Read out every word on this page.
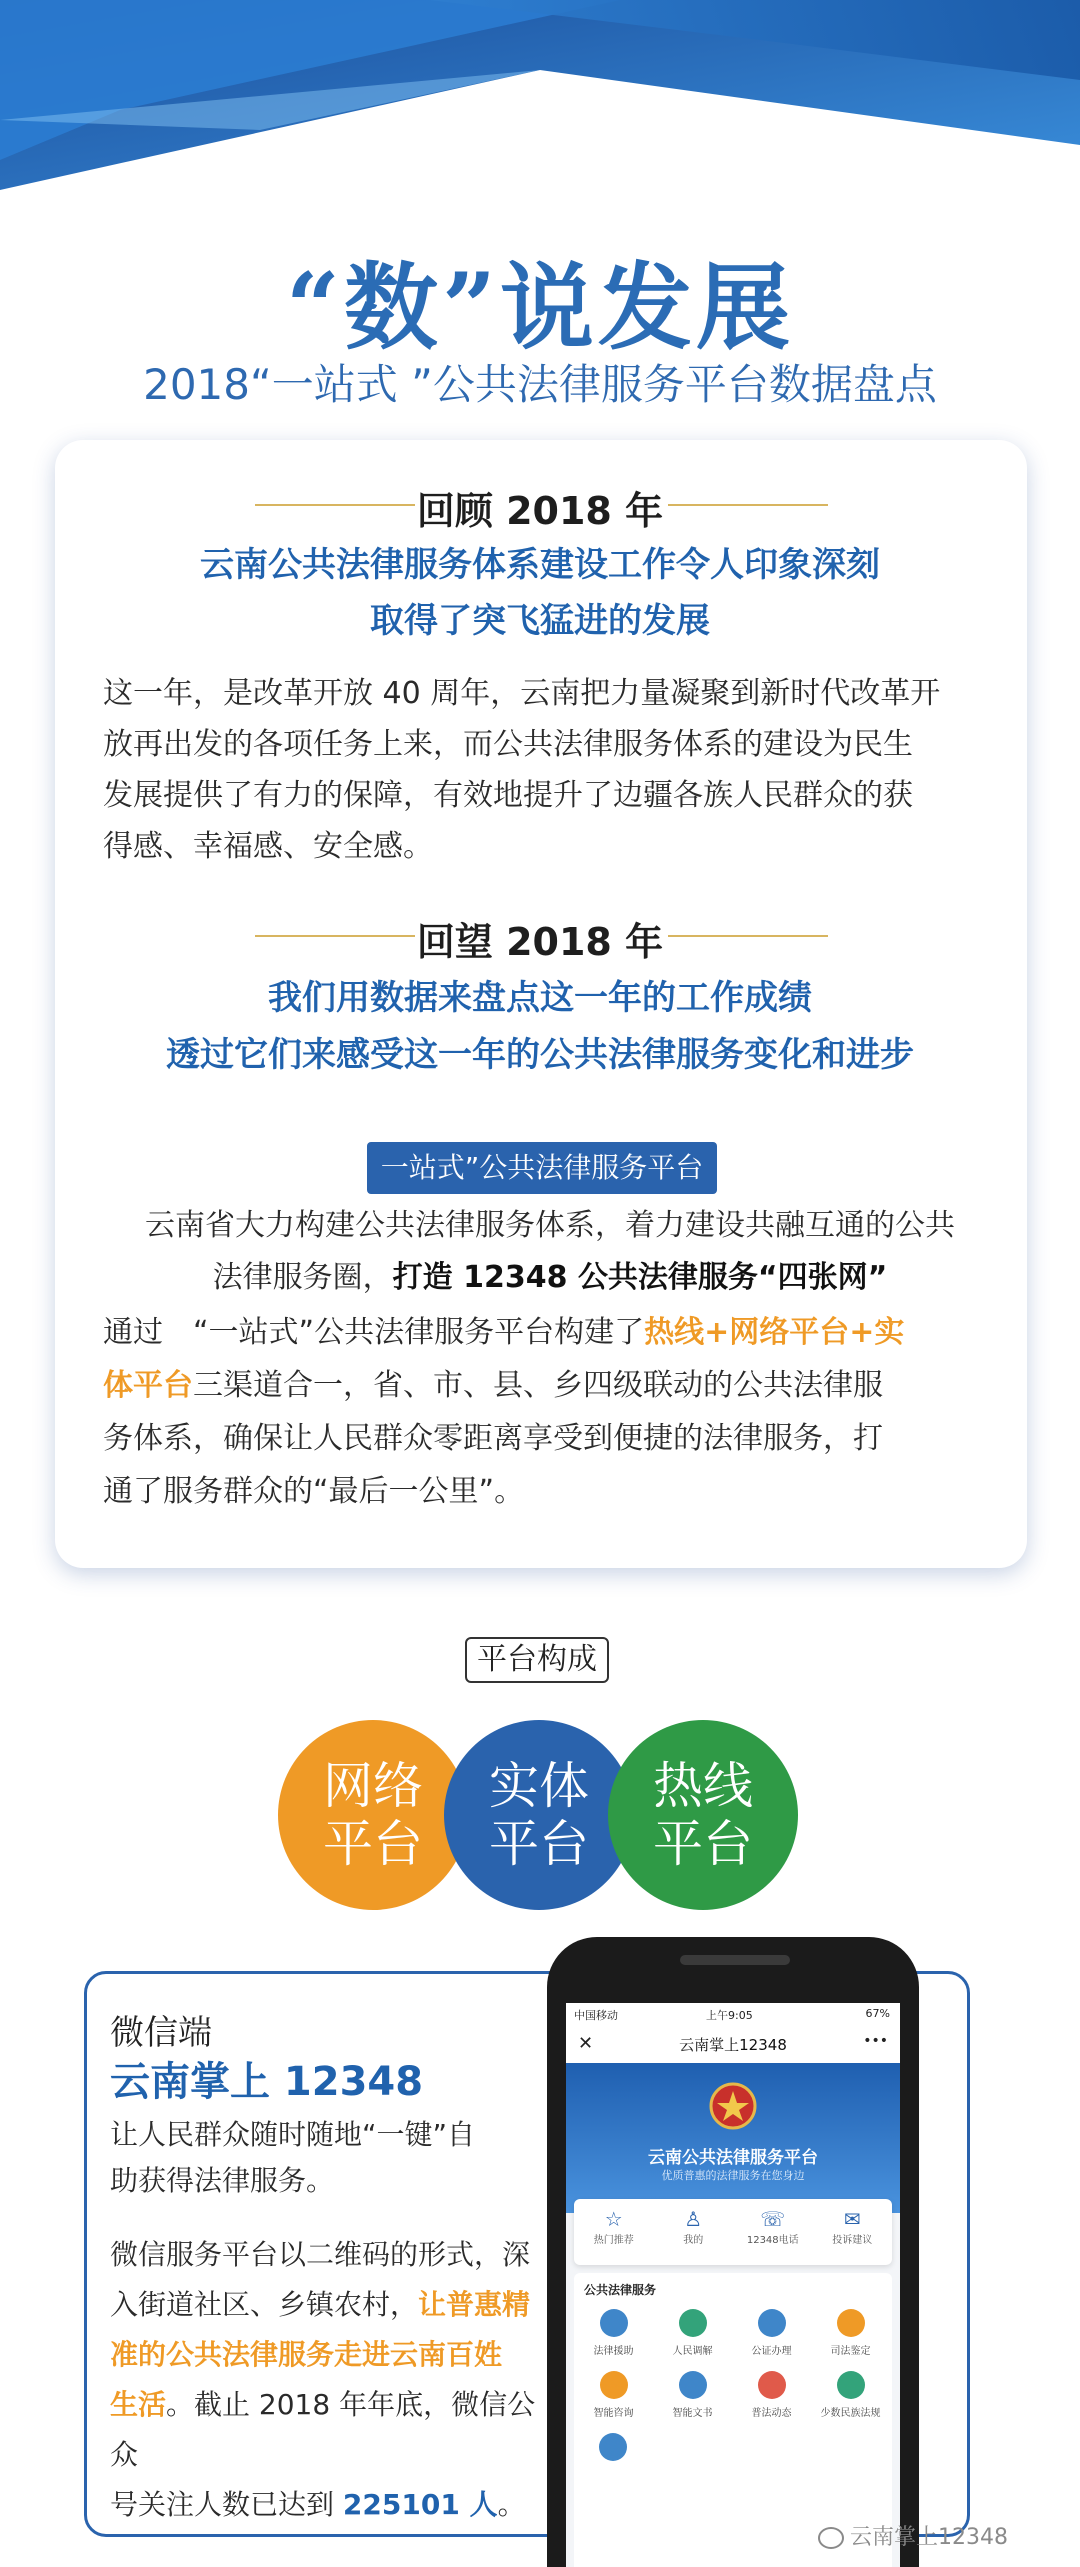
“数”说发展
2018“一站式 ”公共法律服务平台数据盘点
回顾 2018 年
云南公共法律服务体系建设工作令人印象深刻
取得了突飞猛进的发展
这一年，是改革开放 40 周年，云南把力量凝聚到新时代改革开
放再出发的各项任务上来，而公共法律服务体系的建设为民生
发展提供了有力的保障，有效地提升了边疆各族人民群众的获
得感、幸福感、安全感。
回望 2018 年
我们用数据来盘点这一年的工作成绩
透过它们来感受这一年的公共法律服务变化和进步
一站式”公共法律服务平台
云南省大力构建公共法律服务体系，着力建设共融互通的公共
法律服务圈，打造 12348 公共法律服务“四张网”
通过　“一站式”公共法律服务平台构建了热线+网络平台+实
体平台三渠道合一，省、市、县、乡四级联动的公共法律服
务体系，确保让人民群众零距离享受到便捷的法律服务，打
通了服务群众的“最后一公里”。
平台构成
网络
平台
实体
平台
热线
平台
微信端
云南掌上 12348
让人民群众随时随地“一键”自
助获得法律服务。
微信服务平台以二维码的形式，深
入街道社区、乡镇农村，让普惠精
准的公共法律服务走进云南百姓
生活。截止 2018 年年底，微信公众
号关注人数已达到 225101 人。
中国移动	上午9:05	67%
✕	云南掌上12348	•••
云南公共法律服务平台
优质普惠的法律服务在您身边
☆
热门推荐
♙
我的
☏
12348电话
✉
投诉建议
公共法律服务
法律援助	人民调解	公证办理	司法鉴定
智能咨询	智能文书	普法动态	少数民族法规
云南掌上12348
